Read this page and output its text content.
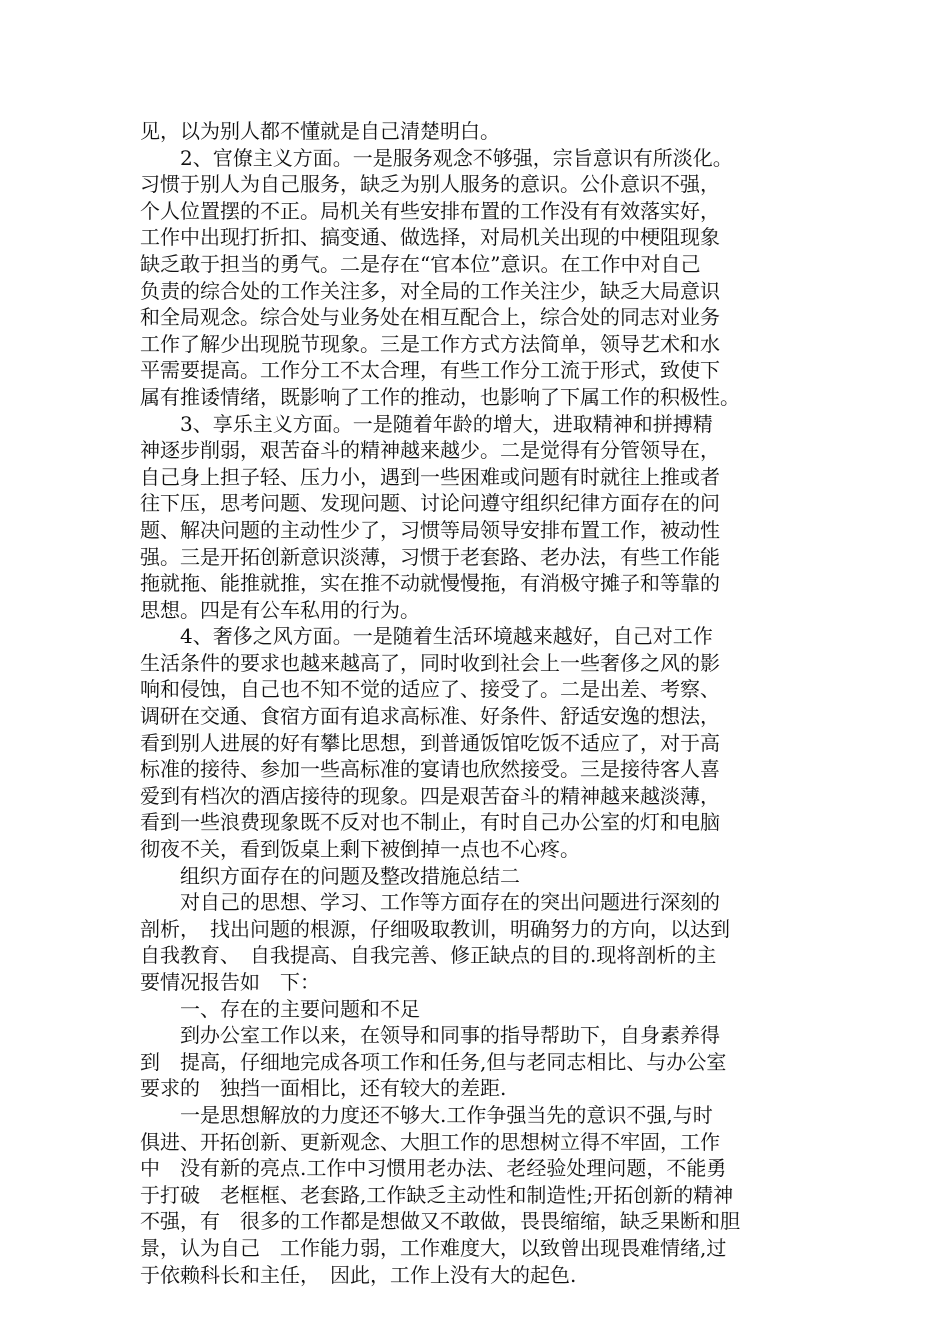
见，以为别人都不懂就是自己清楚明白。
　　2、官僚主义方面。一是服务观念不够强，宗旨意识有所淡化。
习惯于别人为自己服务，缺乏为别人服务的意识。公仆意识不强，
个人位置摆的不正。局机关有些安排布置的工作没有有效落实好，
工作中出现打折扣、搞变通、做选择，对局机关出现的中梗阻现象
缺乏敢于担当的勇气。二是存在“官本位”意识。在工作中对自己
负责的综合处的工作关注多，对全局的工作关注少，缺乏大局意识
和全局观念。综合处与业务处在相互配合上，综合处的同志对业务
工作了解少出现脱节现象。三是工作方式方法简单，领导艺术和水
平需要提高。工作分工不太合理，有些工作分工流于形式，致使下
属有推诿情绪，既影响了工作的推动，也影响了下属工作的积极性。
　　3、享乐主义方面。一是随着年龄的增大，进取精神和拼搏精
神逐步削弱，艰苦奋斗的精神越来越少。二是觉得有分管领导在，
自己身上担子轻、压力小，遇到一些困难或问题有时就往上推或者
往下压，思考问题、发现问题、讨论问遵守组织纪律方面存在的问
题、解决问题的主动性少了，习惯等局领导安排布置工作，被动性
强。三是开拓创新意识淡薄，习惯于老套路、老办法，有些工作能
拖就拖、能推就推，实在推不动就慢慢拖，有消极守摊子和等靠的
思想。四是有公车私用的行为。
　　4、奢侈之风方面。一是随着生活环境越来越好，自己对工作
生活条件的要求也越来越高了，同时收到社会上一些奢侈之风的影
响和侵蚀，自己也不知不觉的适应了、接受了。二是出差、考察、
调研在交通、食宿方面有追求高标准、好条件、舒适安逸的想法，
看到别人进展的好有攀比思想，到普通饭馆吃饭不适应了，对于高
标准的接待、参加一些高标准的宴请也欣然接受。三是接待客人喜
爱到有档次的酒店接待的现象。四是艰苦奋斗的精神越来越淡薄，
看到一些浪费现象既不反对也不制止，有时自己办公室的灯和电脑
彻夜不关，看到饭桌上剩下被倒掉一点也不心疼。
　　组织方面存在的问题及整改措施总结二
　　对自己的思想、学习、工作等方面存在的突出问题进行深刻的
剖析，　找出问题的根源，仔细吸取教训，明确努力的方向，以达到
自我教育、　自我提高、自我完善、修正缺点的目的.现将剖析的主
要情况报告如　下：
　　一、存在的主要问题和不足
　　到办公室工作以来，在领导和同事的指导帮助下，自身素养得
到　提高，仔细地完成各项工作和任务,但与老同志相比、与办公室
要求的　独挡一面相比，还有较大的差距.
　　一是思想解放的力度还不够大.工作争强当先的意识不强,与时
俱进、开拓创新、更新观念、大胆工作的思想树立得不牢固，工作
中　没有新的亮点.工作中习惯用老办法、老经验处理问题，不能勇
于打破　老框框、老套路,工作缺乏主动性和制造性;开拓创新的精神
不强，有　很多的工作都是想做又不敢做，畏畏缩缩，缺乏果断和胆
景，认为自己　工作能力弱，工作难度大，以致曾出现畏难情绪,过
于依赖科长和主任，　因此，工作上没有大的起色.
